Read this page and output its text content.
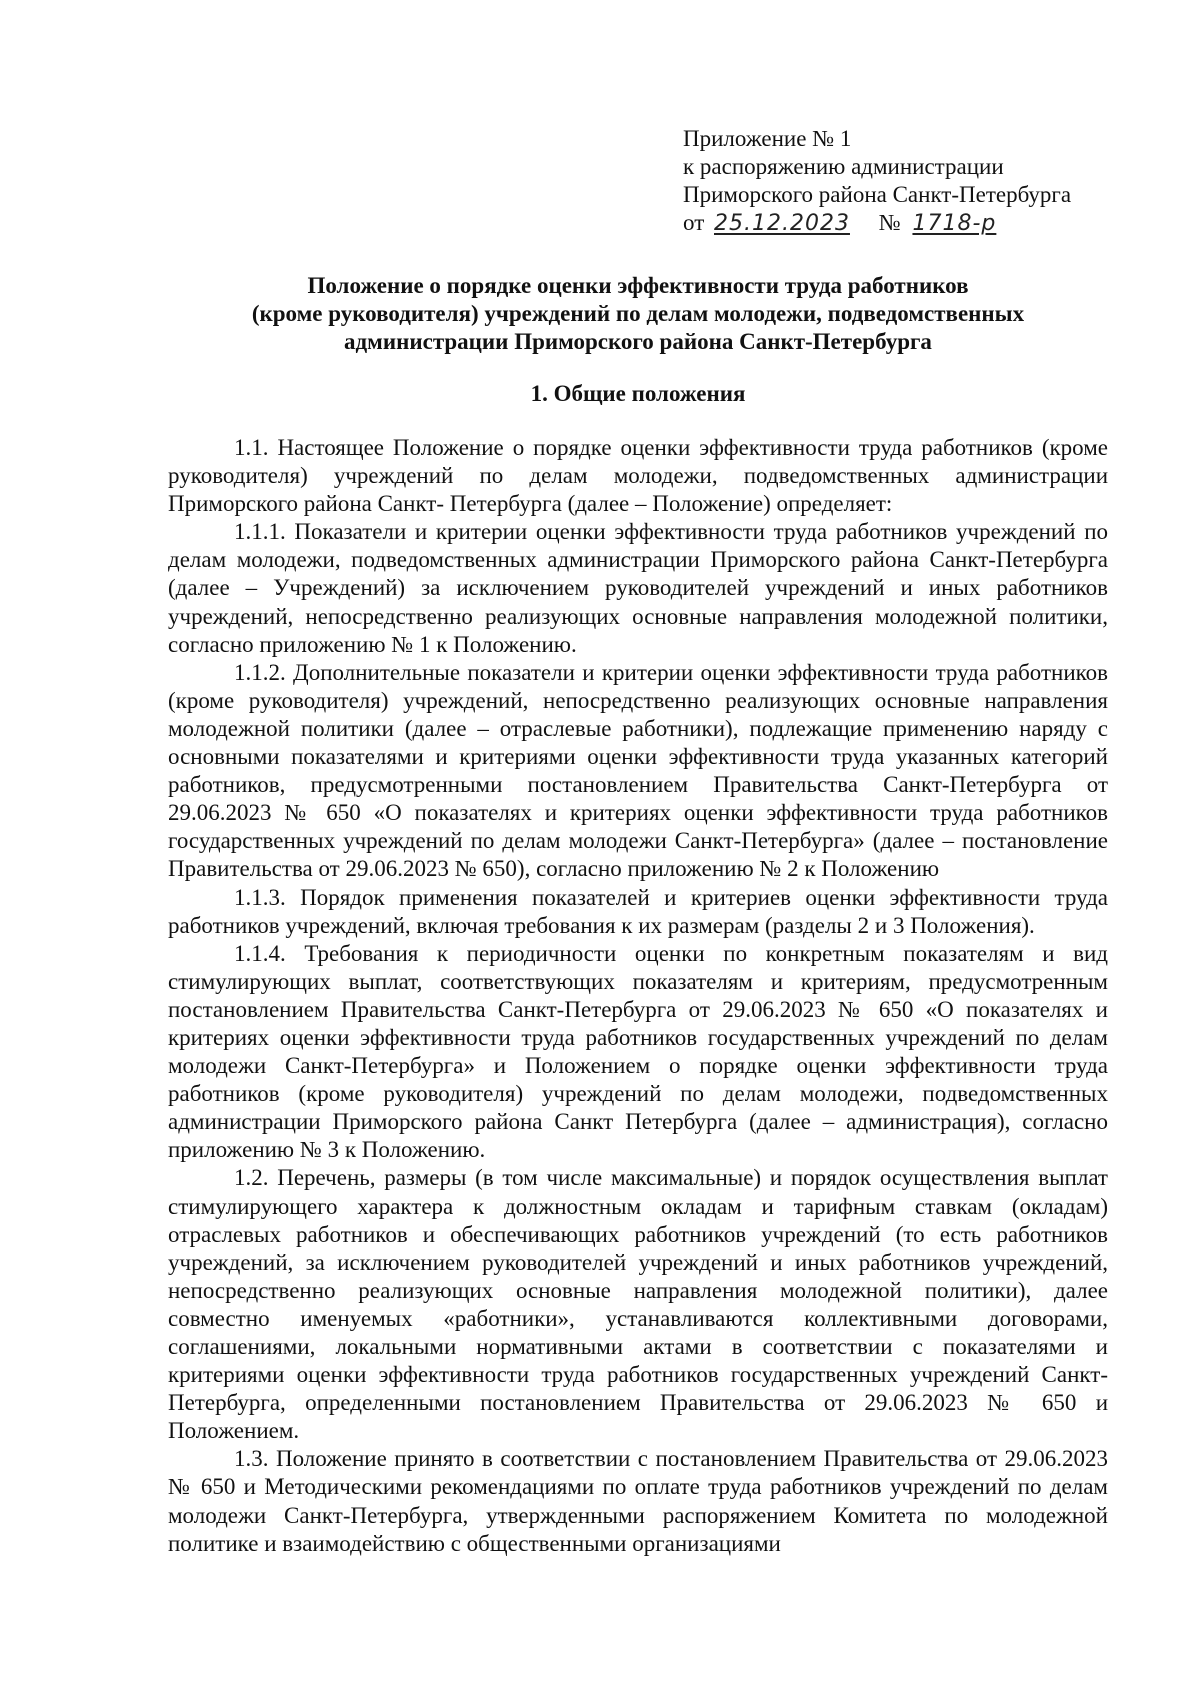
Приложение № 1
к распоряжению администрации
Приморского района Санкт-Петербурга
от 25.12.2023 № 1718-р
Положение о порядке оценки эффективности труда работников
(кроме руководителя) учреждений по делам молодежи, подведомственных
администрации Приморского района Санкт-Петербурга
1. Общие положения

1.1. Настоящее Положение о порядке оценки эффективности труда работников (кроме руководителя) учреждений по делам молодежи, подведомственных администрации Приморского района Санкт- Петербурга (далее – Положение) определяет:

1.1.1. Показатели и критерии оценки эффективности труда работников учреждений по делам молодежи, подведомственных администрации Приморского района Санкт-Петербурга (далее – Учреждений) за исключением руководителей учреждений и иных работников учреждений, непосредственно реализующих основные направления молодежной политики, согласно приложению № 1 к Положению.

1.1.2. Дополнительные показатели и критерии оценки эффективности труда работников (кроме руководителя) учреждений, непосредственно реализующих основные направления молодежной политики (далее – отраслевые работники), подлежащие применению наряду с основными показателями и критериями оценки эффективности труда указанных категорий работников, предусмотренными постановлением Правительства Санкт-Петербурга от 29.06.2023 № 650 «О показателях и критериях оценки эффективности труда работников государственных учреждений по делам молодежи Санкт-Петербурга» (далее – постановление Правительства от 29.06.2023 № 650), согласно приложению № 2 к Положению

1.1.3. Порядок применения показателей и критериев оценки эффективности труда работников учреждений, включая требования к их размерам (разделы 2 и 3 Положения).

1.1.4. Требования к периодичности оценки по конкретным показателям и вид стимулирующих выплат, соответствующих показателям и критериям, предусмотренным постановлением Правительства Санкт-Петербурга от 29.06.2023 № 650 «О показателях и критериях оценки эффективности труда работников государственных учреждений по делам молодежи Санкт-Петербурга» и Положением о порядке оценки эффективности труда работников (кроме руководителя) учреждений по делам молодежи, подведомственных администрации Приморского района Санкт Петербурга (далее – администрация), согласно приложению № 3 к Положению.

1.2. Перечень, размеры (в том числе максимальные) и порядок осуществления выплат стимулирующего характера к должностным окладам и тарифным ставкам (окладам) отраслевых работников и обеспечивающих работников учреждений (то есть работников учреждений, за исключением руководителей учреждений и иных работников учреждений, непосредственно реализующих основные направления молодежной политики), далее совместно именуемых «работники», устанавливаются коллективными договорами, соглашениями, локальными нормативными актами в соответствии с показателями и критериями оценки эффективности труда работников государственных учреждений Санкт-Петербурга, определенными постановлением Правительства от 29.06.2023 № 650 и Положением.

1.3. Положение принято в соответствии с постановлением Правительства от 29.06.2023 № 650 и Методическими рекомендациями по оплате труда работников учреждений по делам молодежи Санкт-Петербурга, утвержденными распоряжением Комитета по молодежной политике и взаимодействию с общественными организациями
